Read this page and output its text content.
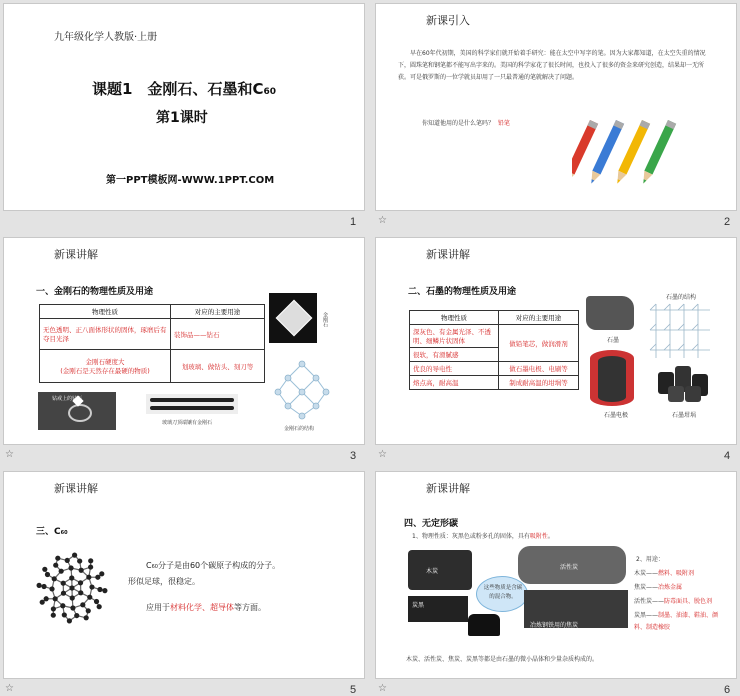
九年级化学人教版·上册
课题1　金刚石、石墨和C60
第1课时
第一PPT模板网-WWW.1PPT.COM
1
新课引入
早在60年代初期，美国的科学家们就开始着手研究：能在太空中写字的笔。因为大家都知道，在太空失重的情况下，圆珠笔和钢笔都不能写出字来的。美国的科学家花了很长时间，也投入了很多的资金来研究创造，结果却一无所获。可是俄罗斯的一位学就员却用了一只最普通的笔就解决了问题。
你知道他用的是什么笔吗？ 铅笔
2
☆
新课讲解
一、金刚石的物理性质及用途
物理性质	对应的主要用途
无色透明、正八面体形状的固体，琢磨后有夺目光泽	装饰品——钻石
金刚石硬度大
(金刚石是天然存在最硬的物质)	划玻璃、做钻头、刻刀等
金刚石
钻戒上的钻石
玻璃刀顶端镶有金刚石
金刚石的结构
3
☆
新课讲解
二、石墨的物理性质及用途
物理性质	对应的主要用途
深灰色、有金属光泽、不透明、细鳞片状固体	做铅笔芯，做润滑剂
很软，有滑腻感	
优良的导电性	做石墨电极、电刷等
熔点高，耐高温	制成耐高温的坩埚等
石墨的结构
石墨
石墨电极	石墨坩埚
4
☆
新课讲解
三、C60
C60分子是由60个碳原子构成的分子。
形似足球，很稳定。
应用于材料化学、超导体等方面。
5
☆
新课讲解
四、无定形碳
1、物理性质：灰黑色或粉多孔的固体，具有吸附性。
木炭
活性炭
这些物质是含碳的混合物。
炭黑
冶炼钢铁用的焦炭
2、用途：
木炭——燃料、吸附剂
焦炭——冶炼金属
活性炭——防毒面具、脱色剂
炭黑——制墨、油漆、鞋油、颜料、制造橡胶
木炭、活性炭、焦炭、炭黑等都是由石墨的微小晶体和少量杂质构成的。
6
☆
